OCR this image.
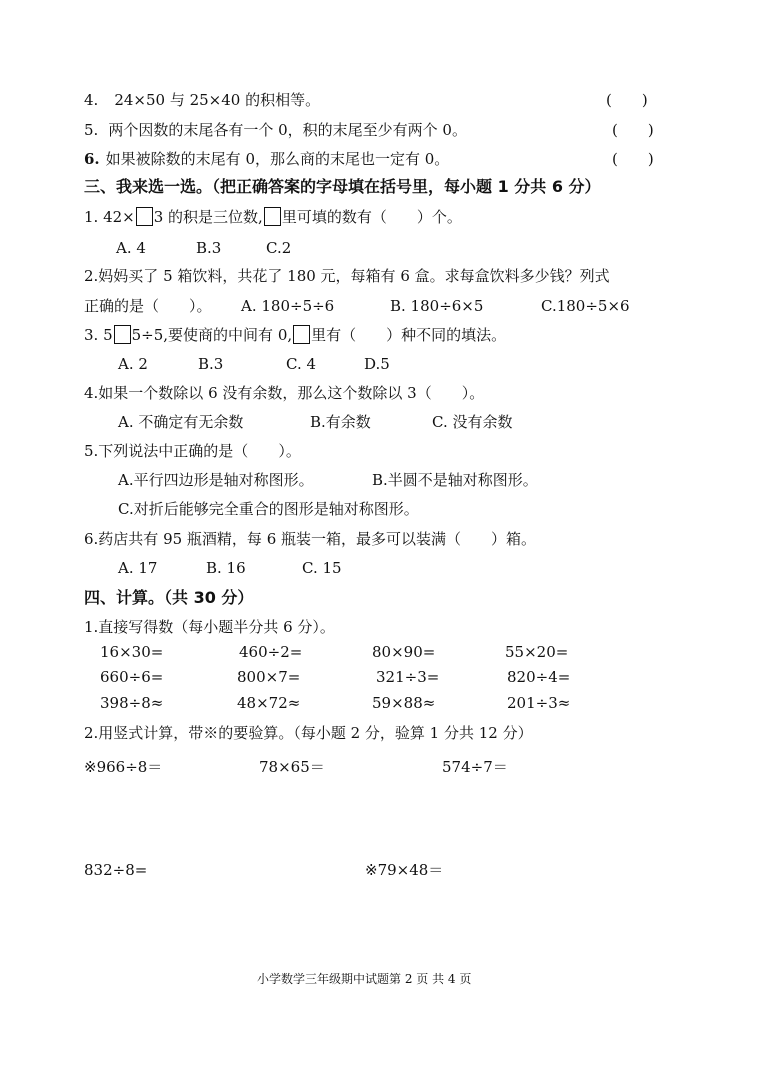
4. 24×50 与 25×40 的积相等。	(　　)
5. 两个因数的末尾各有一个 0，积的末尾至少有两个 0。	(　　)
6. 如果被除数的末尾有 0，那么商的末尾也一定有 0。	(　　)
三、我来选一选。（把正确答案的字母填在括号里，每小题 1 分共 6 分）
1. 42× 3 的积是三位数, 里可填的数有（　　）个。
A. 4	B.3	C.2
2.妈妈买了 5 箱饮料，共花了 180 元，每箱有 6 盒。求每盒饮料多少钱？列式
正确的是（　　）。 A. 180÷5÷6	B. 180÷6×5	C.180÷5×6
3. 5 5÷5,要使商的中间有 0, 里有（　　）种不同的填法。
A. 2	B.3	C. 4	D.5
4.如果一个数除以 6 没有余数，那么这个数除以 3（　　）。
A. 不确定有无余数	B.有余数	C. 没有余数
5.下列说法中正确的是（　　）。
A.平行四边形是轴对称图形。	B.半圆不是轴对称图形。
C.对折后能够完全重合的图形是轴对称图形。
6.药店共有 95 瓶酒精，每 6 瓶装一箱，最多可以装满（　　）箱。
A. 17	B. 16	C. 15
四、计算。（共 30 分）
1.直接写得数（每小题半分共 6 分）。
16×30=	460÷2=	80×90=	55×20=
660÷6=	800×7=	321÷3=	820÷4=
398÷8≈	48×72≈	59×88≈	201÷3≈
2.用竖式计算，带※的要验算。（每小题 2 分，验算 1 分共 12 分）
※966÷8＝	78×65＝	574÷7＝
832÷8=	※79×48＝
小学数学三年级期中试题第 2 页 共 4 页
